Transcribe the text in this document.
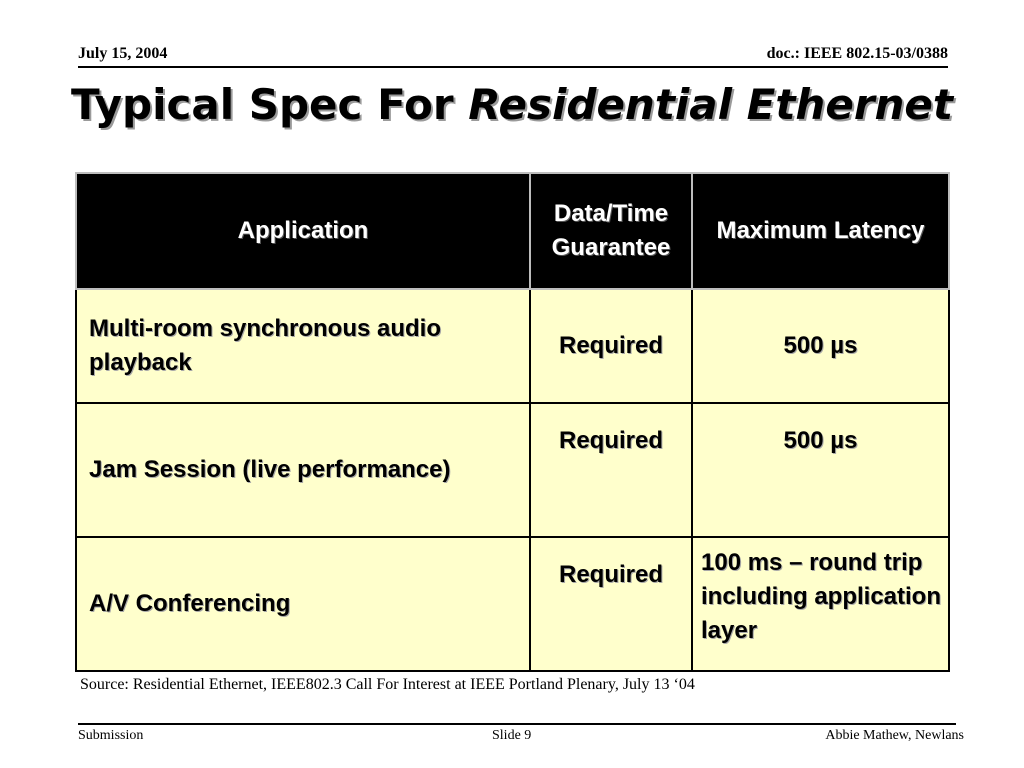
July 15, 2004	doc.: IEEE 802.15-03/0388
Typical Spec For Residential Ethernet
Application	Data/Time Guarantee	Maximum Latency
Multi-room synchronous audio playback	Required	500 µs
Jam Session (live performance)	Required	500 µs
A/V Conferencing	Required	100 ms – round trip including application layer
Source: Residential Ethernet, IEEE802.3 Call For Interest at IEEE Portland Plenary, July 13 ‘04
Submission	Slide 9	Abbie Mathew, Newlans
